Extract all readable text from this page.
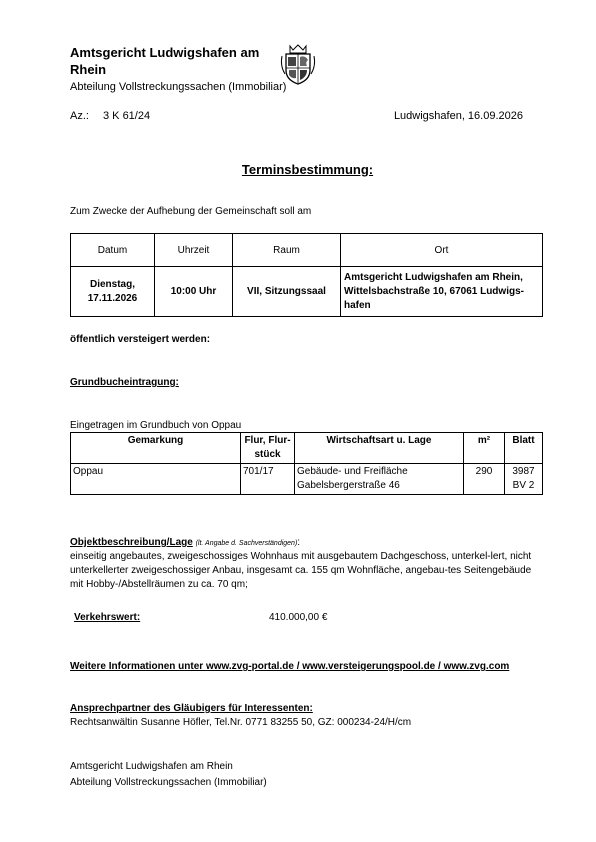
Amtsgericht Ludwigshafen am Rhein
Abteilung Vollstreckungssachen (Immobiliar)
Az.: 3 K 61/24	Ludwigshafen, 16.09.2026
Terminsbestimmung:
Zum Zwecke der Aufhebung der Gemeinschaft soll am
Datum	Uhrzeit	Raum	Ort
Dienstag, 17.11.2026	10:00 Uhr	VII, Sitzungssaal	Amtsgericht Ludwigshafen am Rhein, Wittelsbachstraße 10, 67061 Ludwigs-hafen
öffentlich versteigert werden:
Grundbucheintragung:
Eingetragen im Grundbuch von Oppau
Gemarkung	Flur, Flur-stück	Wirtschaftsart u. Lage	m²	Blatt
Oppau	701/17	Gebäude- und Freifläche Gabelsbergerstraße 46	290	3987 BV 2
Objektbeschreibung/Lage (lt. Angabe d. Sachverständigen):
einseitig angebautes, zweigeschossiges Wohnhaus mit ausgebautem Dachgeschoss, unterkel-lert, nicht unterkellerter zweigeschossiger Anbau, insgesamt ca. 155 qm Wohnfläche, angebau-tes Seitengebäude mit Hobby-/Abstellräumen zu ca. 70 qm;
Verkehrswert:	410.000,00 €
Weitere Informationen unter www.zvg-portal.de / www.versteigerungspool.de / www.zvg.com
Ansprechpartner des Gläubigers für Interessenten:
Rechtsanwältin Susanne Höfler, Tel.Nr. 0771 83255 50, GZ: 000234-24/H/cm
Amtsgericht Ludwigshafen am Rhein
Abteilung Vollstreckungssachen (Immobiliar)
